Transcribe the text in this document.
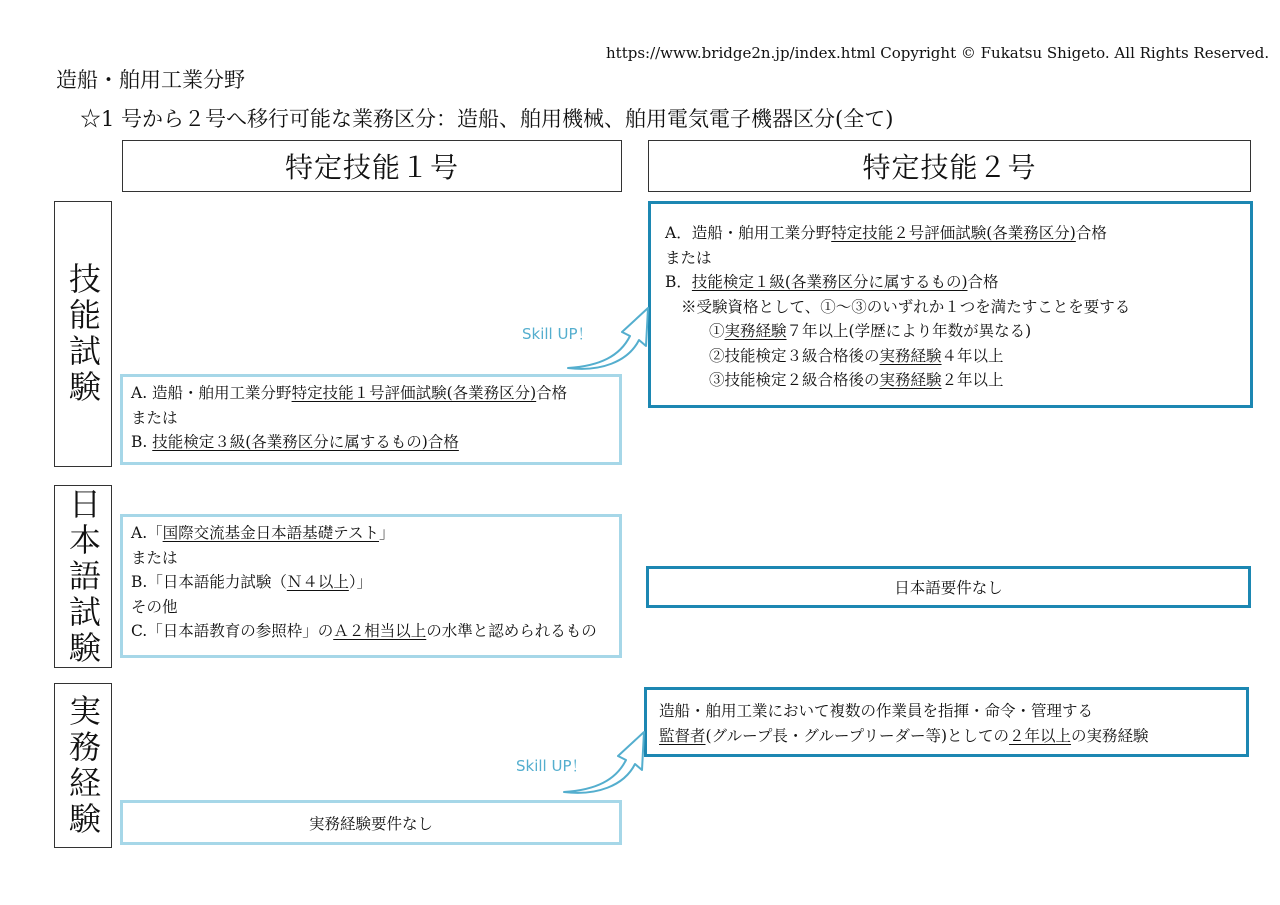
https://www.bridge2n.jp/index.html Copyright © Fukatsu Shigeto. All Rights Reserved.
造船・舶用工業分野
☆1 号から２号へ移行可能な業務区分：造船、舶用機械、舶用電気電子機器区分(全て)
特定技能１号	特定技能２号
技能試験
日本語試験
実務経験
A. 造船・舶用工業分野特定技能１号評価試験(各業務区分)合格
または
B. 技能検定３級(各業務区分に属するもの)合格
A．造船・舶用工業分野特定技能２号評価試験(各業務区分)合格
または
B．技能検定１級(各業務区分に属するもの)合格
※受験資格として、①〜③のいずれか１つを満たすことを要する
①実務経験７年以上(学歴により年数が異なる)
②技能検定３級合格後の実務経験４年以上
③技能検定２級合格後の実務経験２年以上
A.「国際交流基金日本語基礎テスト」
または
B.「日本語能力試験（Ｎ４以上）」
その他
C.「日本語教育の参照枠」のＡ２相当以上の水準と認められるもの
日本語要件なし
実務経験要件なし
造船・舶用工業において複数の作業員を指揮・命令・管理する
監督者(グループ長・グループリーダー等)としての２年以上の実務経験
Skill UP！
Skill UP！
